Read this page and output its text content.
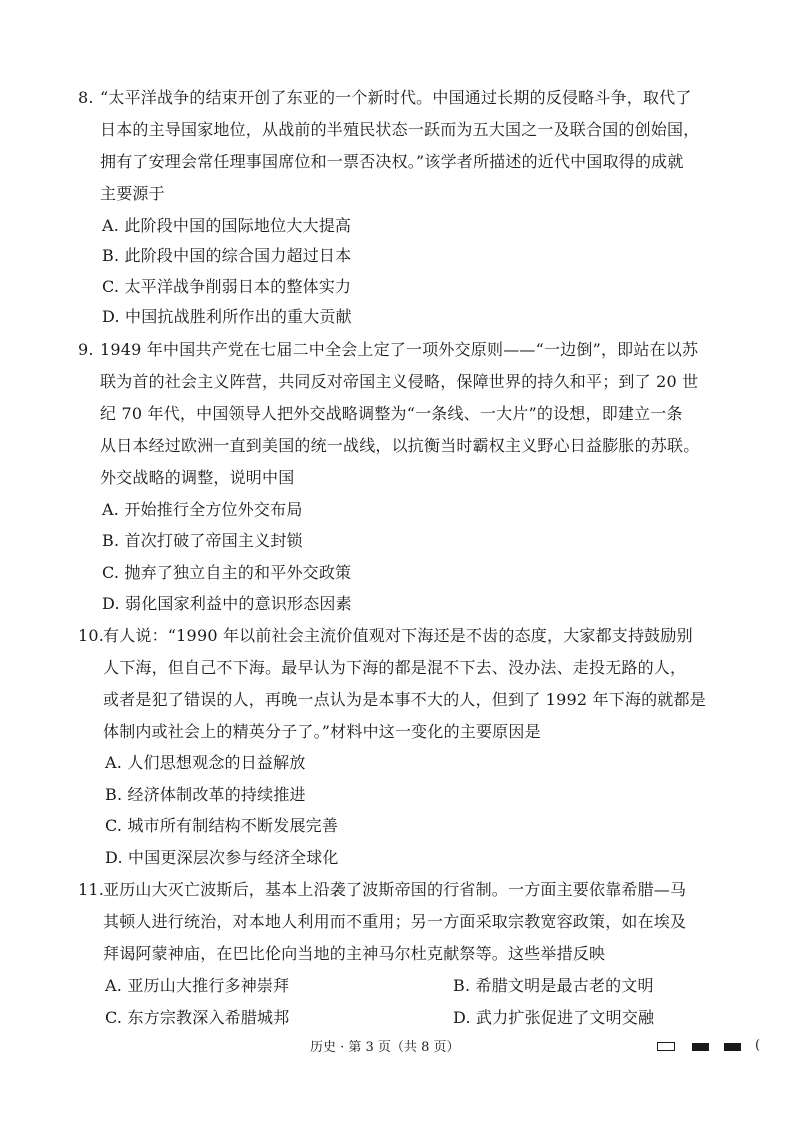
8. “太平洋战争的结束开创了东亚的一个新时代。中国通过长期的反侵略斗争，取代了
日本的主导国家地位，从战前的半殖民状态一跃而为五大国之一及联合国的创始国，
拥有了安理会常任理事国席位和一票否决权。”该学者所描述的近代中国取得的成就
主要源于
A. 此阶段中国的国际地位大大提高
B. 此阶段中国的综合国力超过日本
C. 太平洋战争削弱日本的整体实力
D. 中国抗战胜利所作出的重大贡献
9. 1949 年中国共产党在七届二中全会上定了一项外交原则——“一边倒”，即站在以苏
联为首的社会主义阵营，共同反对帝国主义侵略，保障世界的持久和平；到了 20 世
纪 70 年代，中国领导人把外交战略调整为“一条线、一大片”的设想，即建立一条
从日本经过欧洲一直到美国的统一战线，以抗衡当时霸权主义野心日益膨胀的苏联。
外交战略的调整，说明中国
A. 开始推行全方位外交布局
B. 首次打破了帝国主义封锁
C. 抛弃了独立自主的和平外交政策
D. 弱化国家利益中的意识形态因素
10.
有人说：“1990 年以前社会主流价值观对下海还是不齿的态度，大家都支持鼓励别
人下海，但自己不下海。最早认为下海的都是混不下去、没办法、走投无路的人，
或者是犯了错误的人，再晚一点认为是本事不大的人，但到了 1992 年下海的就都是
体制内或社会上的精英分子了。”材料中这一变化的主要原因是
A. 人们思想观念的日益解放
B. 经济体制改革的持续推进
C. 城市所有制结构不断发展完善
D. 中国更深层次参与经济全球化
11.
亚历山大灭亡波斯后，基本上沿袭了波斯帝国的行省制。一方面主要依靠希腊—马
其顿人进行统治，对本地人利用而不重用；另一方面采取宗教宽容政策，如在埃及
拜谒阿蒙神庙，在巴比伦向当地的主神马尔杜克献祭等。这些举措反映
A. 亚历山大推行多神崇拜	B. 希腊文明是最古老的文明
C. 东方宗教深入希腊城邦	D. 武力扩张促进了文明交融
历史 · 第 3 页（共 8 页）	(
